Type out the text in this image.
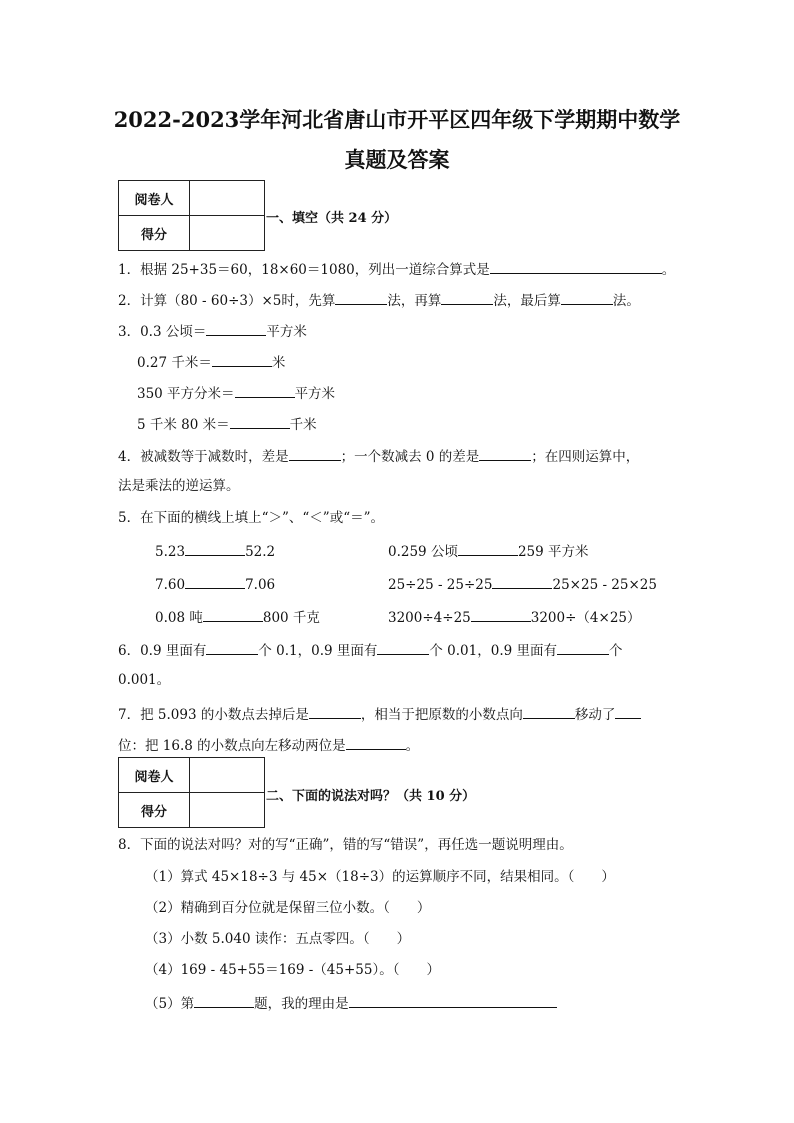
2022-2023学年河北省唐山市开平区四年级下学期期中数学
真题及答案
阅卷人	
得分	
一、填空（共 24 分）
1．根据 25+35＝60，18×60＝1080，列出一道综合算式是	。
2．计算（80 - 60÷3）×5时，先算	法，再算	法，最后算	法。
3．0.3 公顷＝	平方米
0.27 千米＝	米
350 平方分米＝	平方米
5 千米 80 米＝	千米
4．被减数等于减数时，差是	；一个数减去 0 的差是	；在四则运算中，
法是乘法的逆运算。
5．在下面的横线上填上“＞”、“＜”或“＝”。
5.23	52.2	0.259 公顷	259 平方米
7.60	7.06	25÷25 - 25÷25	25×25 - 25×25
0.08 吨	800 千克	3200÷4÷25	3200÷（4×25）
6．0.9 里面有	个 0.1，0.9 里面有	个 0.01，0.9 里面有	个
0.001。
7．把 5.093 的小数点去掉后是	，相当于把原数的小数点向	移动了
位：把 16.8 的小数点向左移动两位是	。
阅卷人	
得分	
二、下面的说法对吗？（共 10 分）
8．下面的说法对吗？对的写“正确”，错的写“错误”，再任选一题说明理由。
（1）算式 45×18÷3 与 45×（18÷3）的运算顺序不同，结果相同。（　　）
（2）精确到百分位就是保留三位小数。（　　）
（3）小数 5.040 读作：五点零四。（　　）
（4）169 - 45+55＝169 -（45+55）。（　　）
（5）第	题，我的理由是
